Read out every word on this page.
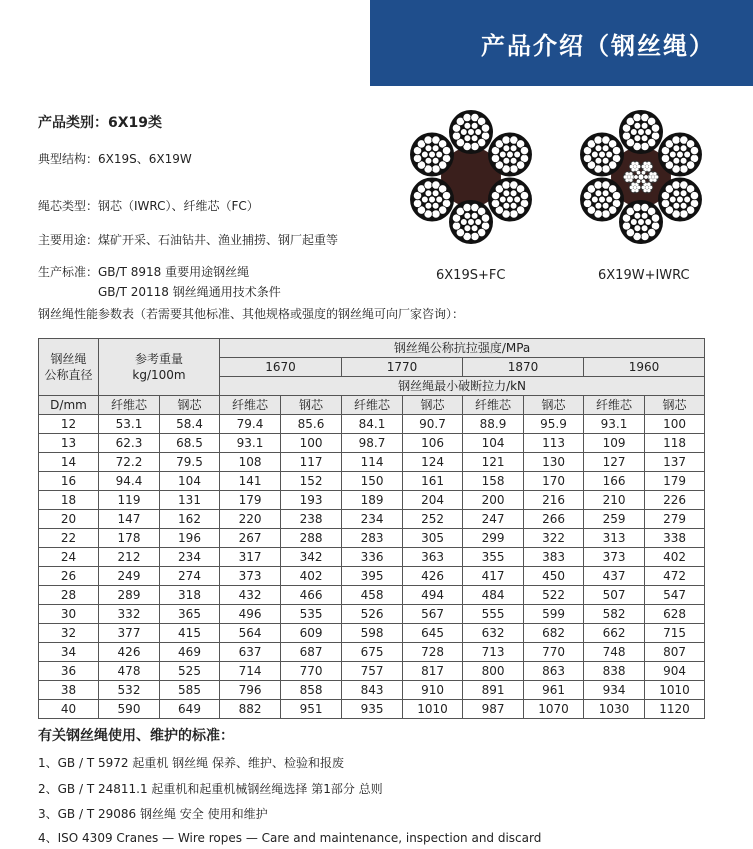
产品介绍（钢丝绳）
产品类别：6X19类
典型结构：6X19S、6X19W
绳芯类型：钢芯（IWRC）、纤维芯（FC）
主要用途：煤矿开采、石油钻井、渔业捕捞、钢厂起重等
生产标准：GB/T 8918 重要用途钢丝绳
GB/T 20118 钢丝绳通用技术条件
6X19S+FC	6X19W+IWRC
钢丝绳性能参数表（若需要其他标准、其他规格或强度的钢丝绳可向厂家咨询）：
钢丝绳
公称直径	参考重量
kg/100m		钢丝绳公称抗拉强度/MPa							
			1670		1770		1870		1960	
			钢丝绳最小破断拉力/kN							
D/mm	纤维芯	钢芯	纤维芯	钢芯	纤维芯	钢芯	纤维芯	钢芯	纤维芯	钢芯
12	53.1	58.4	79.4	85.6	84.1	90.7	88.9	95.9	93.1	100
13	62.3	68.5	93.1	100	98.7	106	104	113	109	118
14	72.2	79.5	108	117	114	124	121	130	127	137
16	94.4	104	141	152	150	161	158	170	166	179
18	119	131	179	193	189	204	200	216	210	226
20	147	162	220	238	234	252	247	266	259	279
22	178	196	267	288	283	305	299	322	313	338
24	212	234	317	342	336	363	355	383	373	402
26	249	274	373	402	395	426	417	450	437	472
28	289	318	432	466	458	494	484	522	507	547
30	332	365	496	535	526	567	555	599	582	628
32	377	415	564	609	598	645	632	682	662	715
34	426	469	637	687	675	728	713	770	748	807
36	478	525	714	770	757	817	800	863	838	904
38	532	585	796	858	843	910	891	961	934	1010
40	590	649	882	951	935	1010	987	1070	1030	1120
有关钢丝绳使用、维护的标准：
1、GB / T 5972 起重机 钢丝绳 保养、维护、检验和报废
2、GB / T 24811.1 起重机和起重机械钢丝绳选择 第1部分 总则
3、GB / T 29086 钢丝绳 安全 使用和维护
4、ISO 4309 Cranes — Wire ropes — Care and maintenance, inspection and discard
